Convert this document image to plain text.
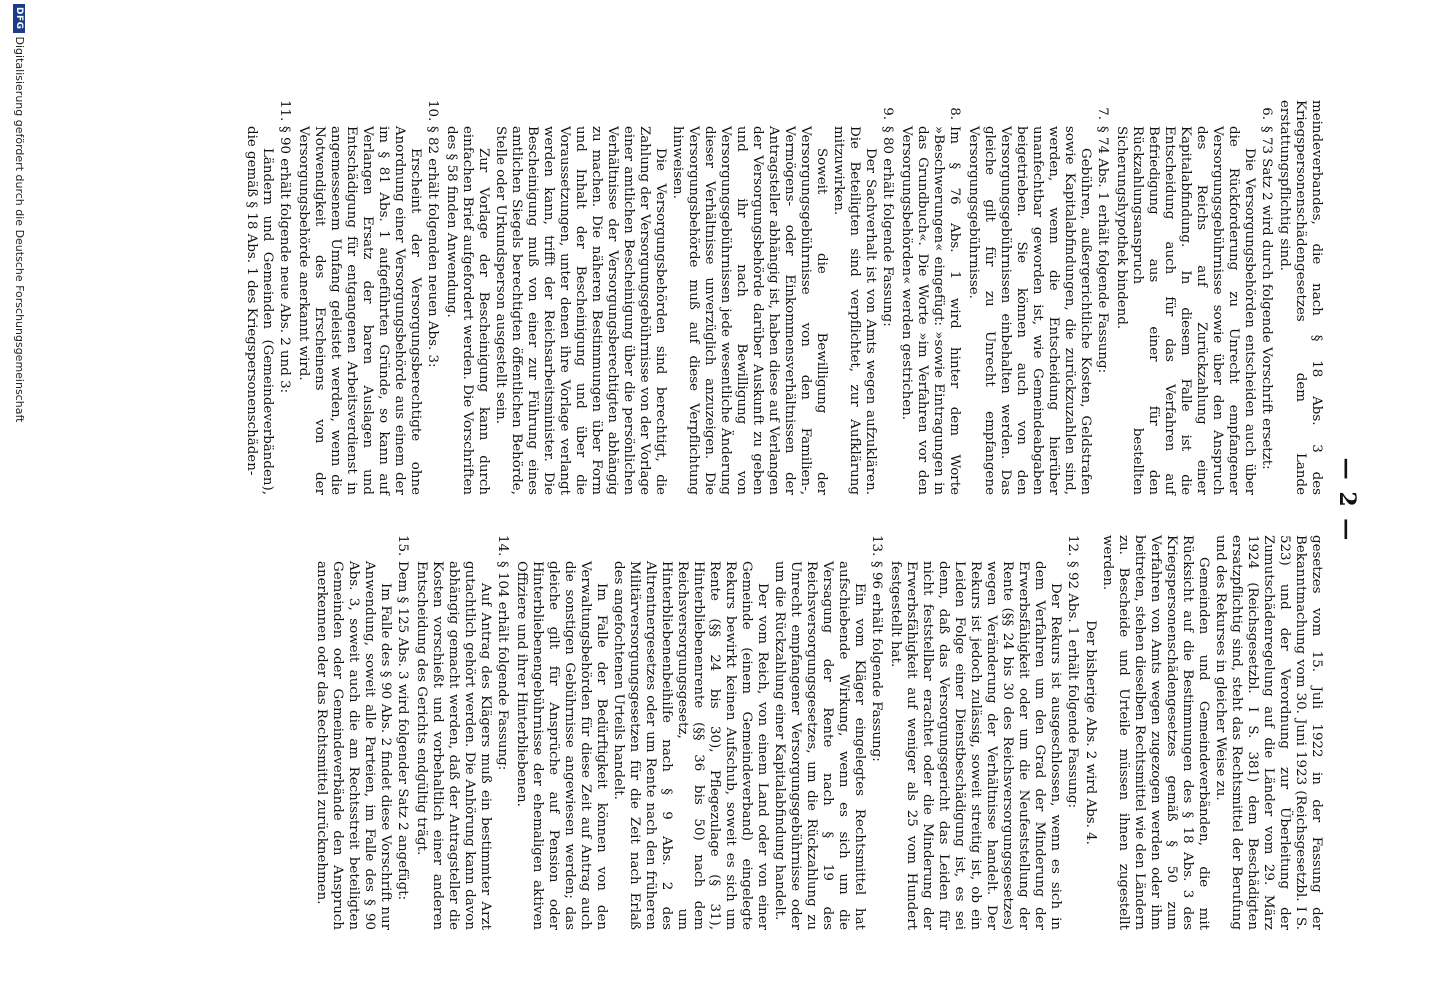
— 2 —

meindeverbandes, die nach § 18 Abs. 3 des Kriegspersonenschädengesetzes dem Lande erstattungspflichtig sind.

6.

§ 73 Satz 2 wird durch folgende Vorschrift ersetzt:

Die Versorgungsbehörden entscheiden auch über die Rückforderung zu Unrecht empfangener Versorgungsgebührnisse sowie über den Anspruch des Reichs auf Zurückzahlung einer Kapitalabfindung. In diesem Falle ist die Entscheidung auch für das Verfahren auf Befriedigung aus einer für den Rückzahlungsanspruch bestellten Sicherungshypothek bindend.

7.

§ 74 Abs. 1 erhält folgende Fassung:

Gebühren, außergerichtliche Kosten, Geldstrafen sowie Kapitalabfindungen, die zurückzuzahlen sind, werden, wenn die Entscheidung hierüber unanfechtbar geworden ist, wie Gemeindeabgaben beigetrieben. Sie können auch von den Versorgungsgebührnissen einbehalten werden. Das gleiche gilt für zu Unrecht empfangene Versorgungsgebührnisse.

8.

Im § 76 Abs. 1 wird hinter dem Worte »Beschwerungen« eingefügt: »sowie Eintragungen in das Grundbuch«. Die Worte »im Verfahren vor den Versorgungsbehörden« werden gestrichen.

9.

§ 80 erhält folgende Fassung:

Der Sachverhalt ist von Amts wegen aufzuklären. Die Beteiligten sind verpflichtet, zur Aufklärung mitzuwirken.

Soweit die Bewilligung der Versorgungsgebührnisse von den Familien-, Vermögens- oder Einkommensverhältnissen der Antragsteller abhängig ist, haben diese auf Verlangen der Versorgungsbehörde darüber Auskunft zu geben und ihr nach Bewilligung von Versorgungsgebührnissen jede wesentliche Änderung dieser Verhältnisse unverzüglich anzuzeigen. Die Versorgungsbehörde muß auf diese Verpflichtung hinweisen.

Die Versorgungsbehörden sind berechtigt, die Zahlung der Versorgungsgebührnisse von der Vorlage einer amtlichen Bescheinigung über die persönlichen Verhältnisse der Versorgungsberechtigten abhängig zu machen. Die näheren Bestimmungen über Form und Inhalt der Bescheinigung und über die Voraussetzungen, unter denen ihre Vorlage verlangt werden kann, trifft der Reichsarbeitsminister. Die Bescheinigung muß von einer zur Führung eines amtlichen Siegels berechtigten öffentlichen Behörde, Stelle oder Urkundsperson ausgestellt sein.

Zur Vorlage der Bescheinigung kann durch einfachen Brief aufgefordert werden. Die Vorschriften des § 58 finden Anwendung.

10.

§ 82 erhält folgenden neuen Abs. 3:

Erscheint der Versorgungsberechtigte ohne Anordnung einer Versorgungsbehörde aus einem der im § 81 Abs. 1 aufgeführten Gründe, so kann auf Verlangen Ersatz der baren Auslagen und Entschädigung für entgangenen Arbeitsverdienst in angemessenem Umfang geleistet werden, wenn die Notwendigkeit des Erscheinens von der Versorgungsbehörde anerkannt wird.

11.

§ 90 erhält folgende neue Abs. 2 und 3:

Ländern und Gemeinden (Gemeindeverbänden), die gemäß § 18 Abs. 1 des Kriegspersonenschäden-

gesetzes vom 15. Juli 1922 in der Fassung der Bekanntmachung vom 30. Juni 1923 (Reichsgesetzbl. I S. 523) und der Verordnung zur Überleitung der Zumutschädenregelung auf die Länder vom 29. März 1924 (Reichsgesetzbl. I S. 381) dem Beschädigten ersatzpflichtig sind, steht das Rechtsmittel der Berufung und des Rekurses in gleicher Weise zu.

Gemeinden und Gemeindeverbänden, die mit Rücksicht auf die Bestimmungen des § 18 Abs. 3 des Kriegspersonenschädengesetzes gemäß § 50 zum Verfahren von Amts wegen zugezogen werden oder ihm beitreten, stehen dieselben Rechtsmittel wie den Ländern zu. Bescheide und Urteile müssen ihnen zugestellt werden.

Der bisherige Abs. 2 wird Abs. 4.

12.

§ 92 Abs. 1 erhält folgende Fassung:

Der Rekurs ist ausgeschlossen, wenn es sich in dem Verfahren um den Grad der Minderung der Erwerbsfähigkeit oder um die Neufeststellung der Rente (§§ 24 bis 30 des Reichsversorgungsgesetzes) wegen Veränderung der Verhältnisse handelt. Der Rekurs ist jedoch zulässig, soweit streitig ist, ob ein Leiden Folge einer Dienstbeschädigung ist, es sei denn, daß das Versorgungsgericht das Leiden für nicht feststellbar erachtet oder die Minderung der Erwerbsfähigkeit auf weniger als 25 vom Hundert festgestellt hat.

13.

§ 96 erhält folgende Fassung:

Ein vom Kläger eingelegtes Rechtsmittel hat aufschiebende Wirkung, wenn es sich um die Versagung der Rente nach § 19 des Reichsversorgungsgesetzes, um die Rückzahlung zu Unrecht empfangener Versorgungsgebührnisse oder um die Rückzahlung einer Kapitalabfindung handelt.

Der vom Reich, von einem Land oder von einer Gemeinde (einem Gemeindeverband) eingelegte Rekurs bewirkt keinen Aufschub, soweit es sich um Rente (§§ 24 bis 30), Pflegezulage (§ 31), Hinterbliebenenrente (§§ 36 bis 50) nach dem Reichsversorgungsgesetz, um Hinterbliebenenbeihilfe nach § 9 Abs. 2 des Altrentnergesetzes oder um Rente nach den früheren Militärversorgungsgesetzen für die Zeit nach Erlaß des angefochtenen Urteils handelt.

Im Falle der Bedürftigkeit können von den Verwaltungsbehörden für diese Zeit auf Antrag auch die sonstigen Gebührnisse angewiesen werden; das gleiche gilt für Ansprüche auf Pension oder Hinterbliebenengebührnisse der ehemaligen aktiven Offiziere und ihrer Hinterbliebenen.

14.

§ 104 erhält folgende Fassung:

Auf Antrag des Klägers muß ein bestimmter Arzt gutachtlich gehört werden. Die Anhörung kann davon abhängig gemacht werden, daß der Antragsteller die Kosten vorschießt und vorbehaltlich einer anderen Entscheidung des Gerichts endgültig trägt.

15.

Dem § 125 Abs. 3 wird folgender Satz 2 angefügt:

Im Falle des § 90 Abs. 2 findet diese Vorschrift nur Anwendung, soweit alle Parteien, im Falle des § 90 Abs. 3, soweit auch die am Rechtsstreit beteiligten Gemeinden oder Gemeindeverbände den Anspruch anerkennen oder das Rechtsmittel zurücknehmen.

DFG
Digitalisierung gefördert durch die Deutsche Forschungsgemeinschaft
